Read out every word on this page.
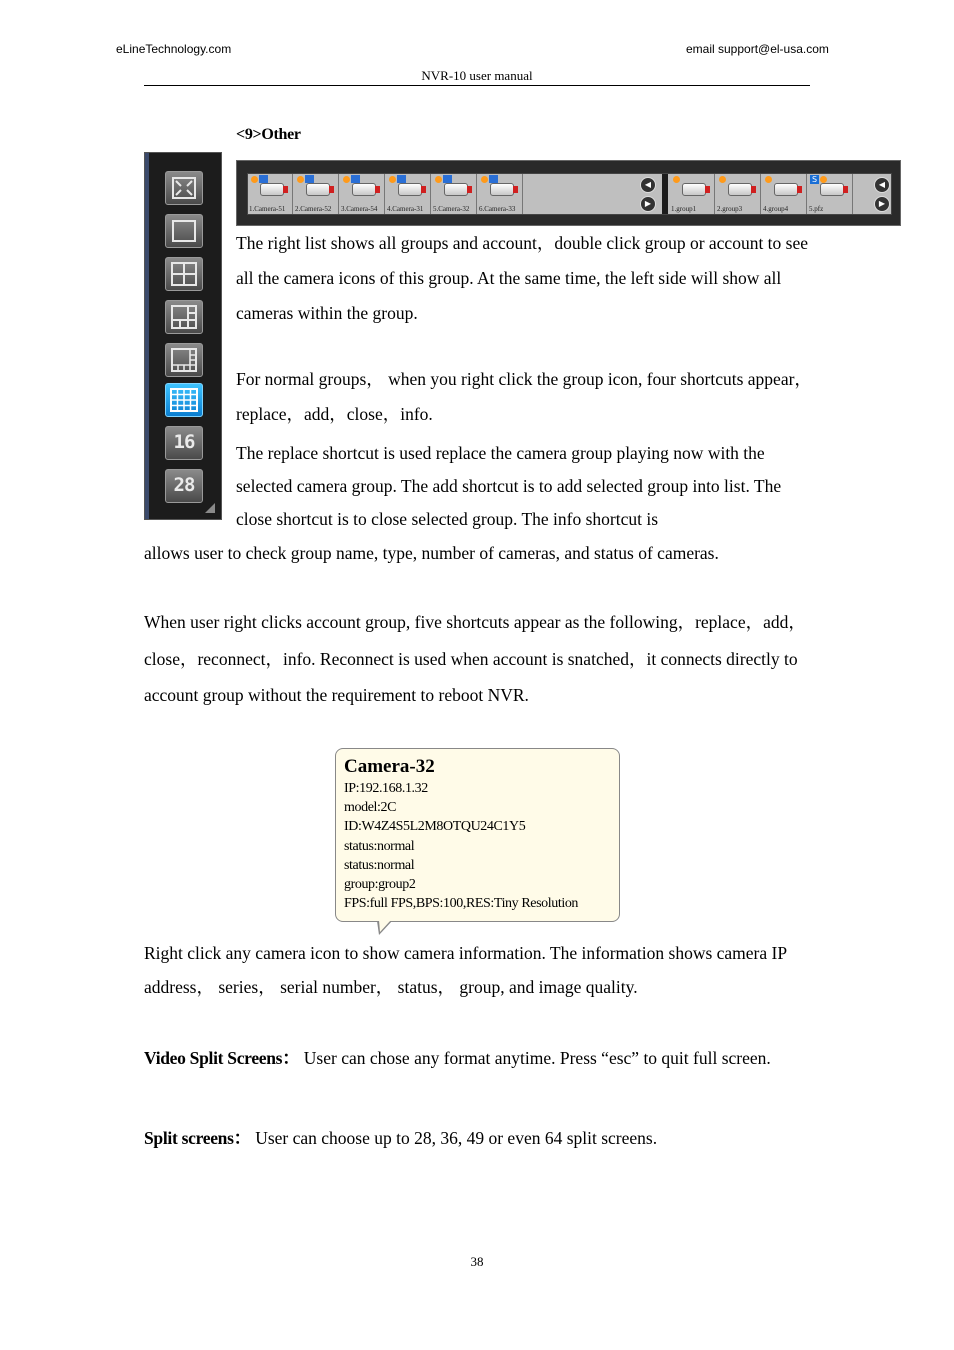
eLineTechnology.com	email support@el-usa.com
NVR-10 user manual
<9>Other
16
28
1.Camera-51	2.Camera-52	3.Camera-54	4.Camera-31	5.Camera-32	6.Camera-33
◀
▶
1.group1	2.group3	4.group4
S
5.pfz
◀
▶
The right list shows all groups and account，double click group or account to see all the camera icons of this group. At the same time, the left side will show all cameras within the group.
For normal groups， when you right click the group icon, four shortcuts appear，replace，add，close，info.
The replace shortcut is used replace the camera group playing now with the selected camera group. The add shortcut is to add selected group into list. The close shortcut is to close selected group. The info shortcut is
allows user to check group name, type, number of cameras, and status of cameras.
When user right clicks account group, five shortcuts appear as the following，replace，add，close，reconnect，info. Reconnect is used when account is snatched，it connects directly to account group without the requirement to reboot NVR.
Camera-32
IP:192.168.1.32
model:2C
ID:W4Z4S5L2M8OTQU24C1Y5
status:normal
status:normal
group:group2
FPS:full FPS,BPS:100,RES:Tiny Resolution
Right click any camera icon to show camera information. The information shows camera IP address， series， serial number， status， group, and image quality.
Video Split Screens： User can chose any format anytime. Press “esc” to quit full screen.
Split screens： User can choose up to 28, 36, 49 or even 64 split screens.
38
